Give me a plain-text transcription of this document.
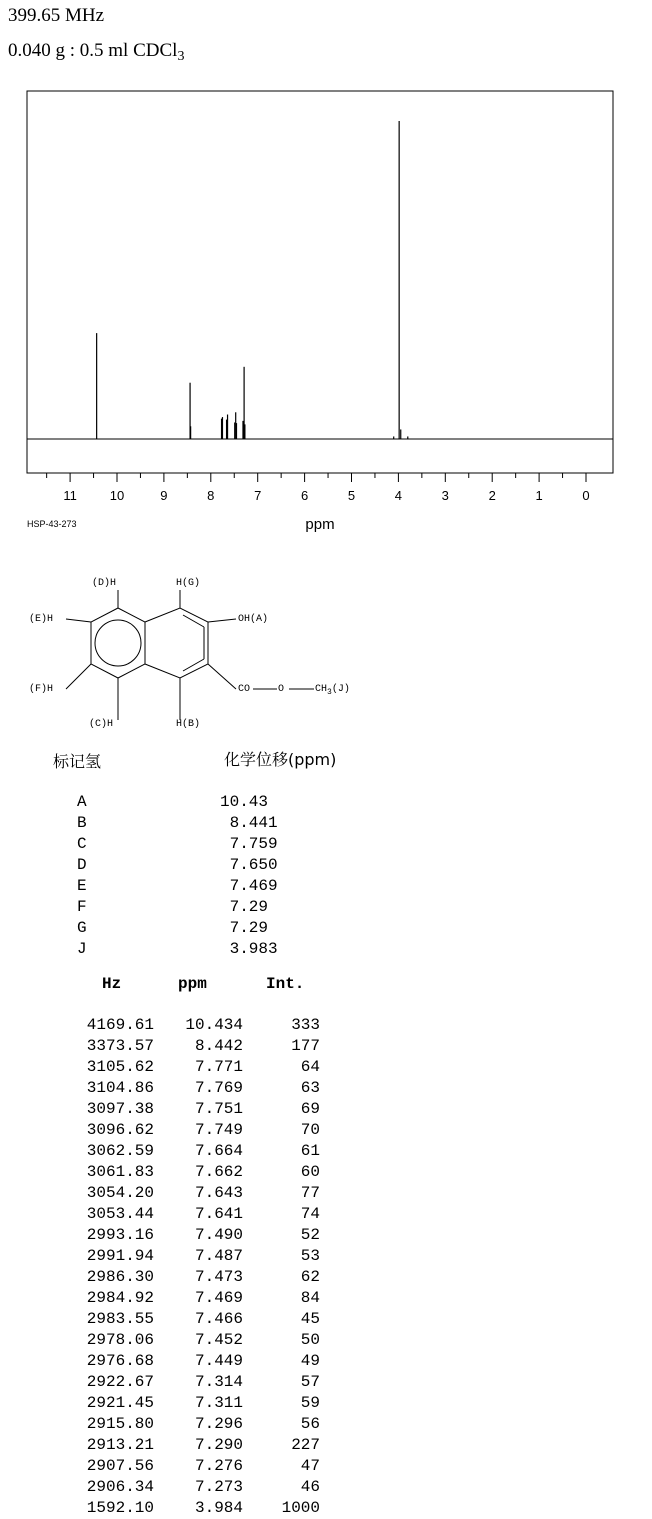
399.65 MHz
0.040 g : 0.5 ml CDCl$_3$
11	10	9	8	7	6	5	4	3	2	1	0
ppm
HSP-43-273
(D)H	H(G)
(E)H	OH(A)
(F)H	CO	O	$CH_3(J)$
(C)H	H(B)
标记氢	化学位移(ppm)
A	10.43
B	8.441
C	7.759
D	7.650
E	7.469
F	7.29
G	7.29
J	3.983
Hz	ppm	Int.
4169.61 10.434	333
3373.57	8.442	177
3105.62	7.771	64
3104.86	7.769	63
3097.38	7.751	69
3096.62	7.749	70
3062.59	7.664	61
3061.83	7.662	60
3054.20	7.643	77
3053.44	7.641	74
2993.16	7.490	52
2991.94	7.487	53
2986.30	7.473	62
2984.92	7.469	84
2983.55	7.466	45
2978.06	7.452	50
2976.68	7.449	49
2922.67	7.314	57
2921.45	7.311	59
2915.80	7.296	56
2913.21	7.290	227
2907.56	7.276	47
2906.34	7.273	46
1592.10	3.984 1000
